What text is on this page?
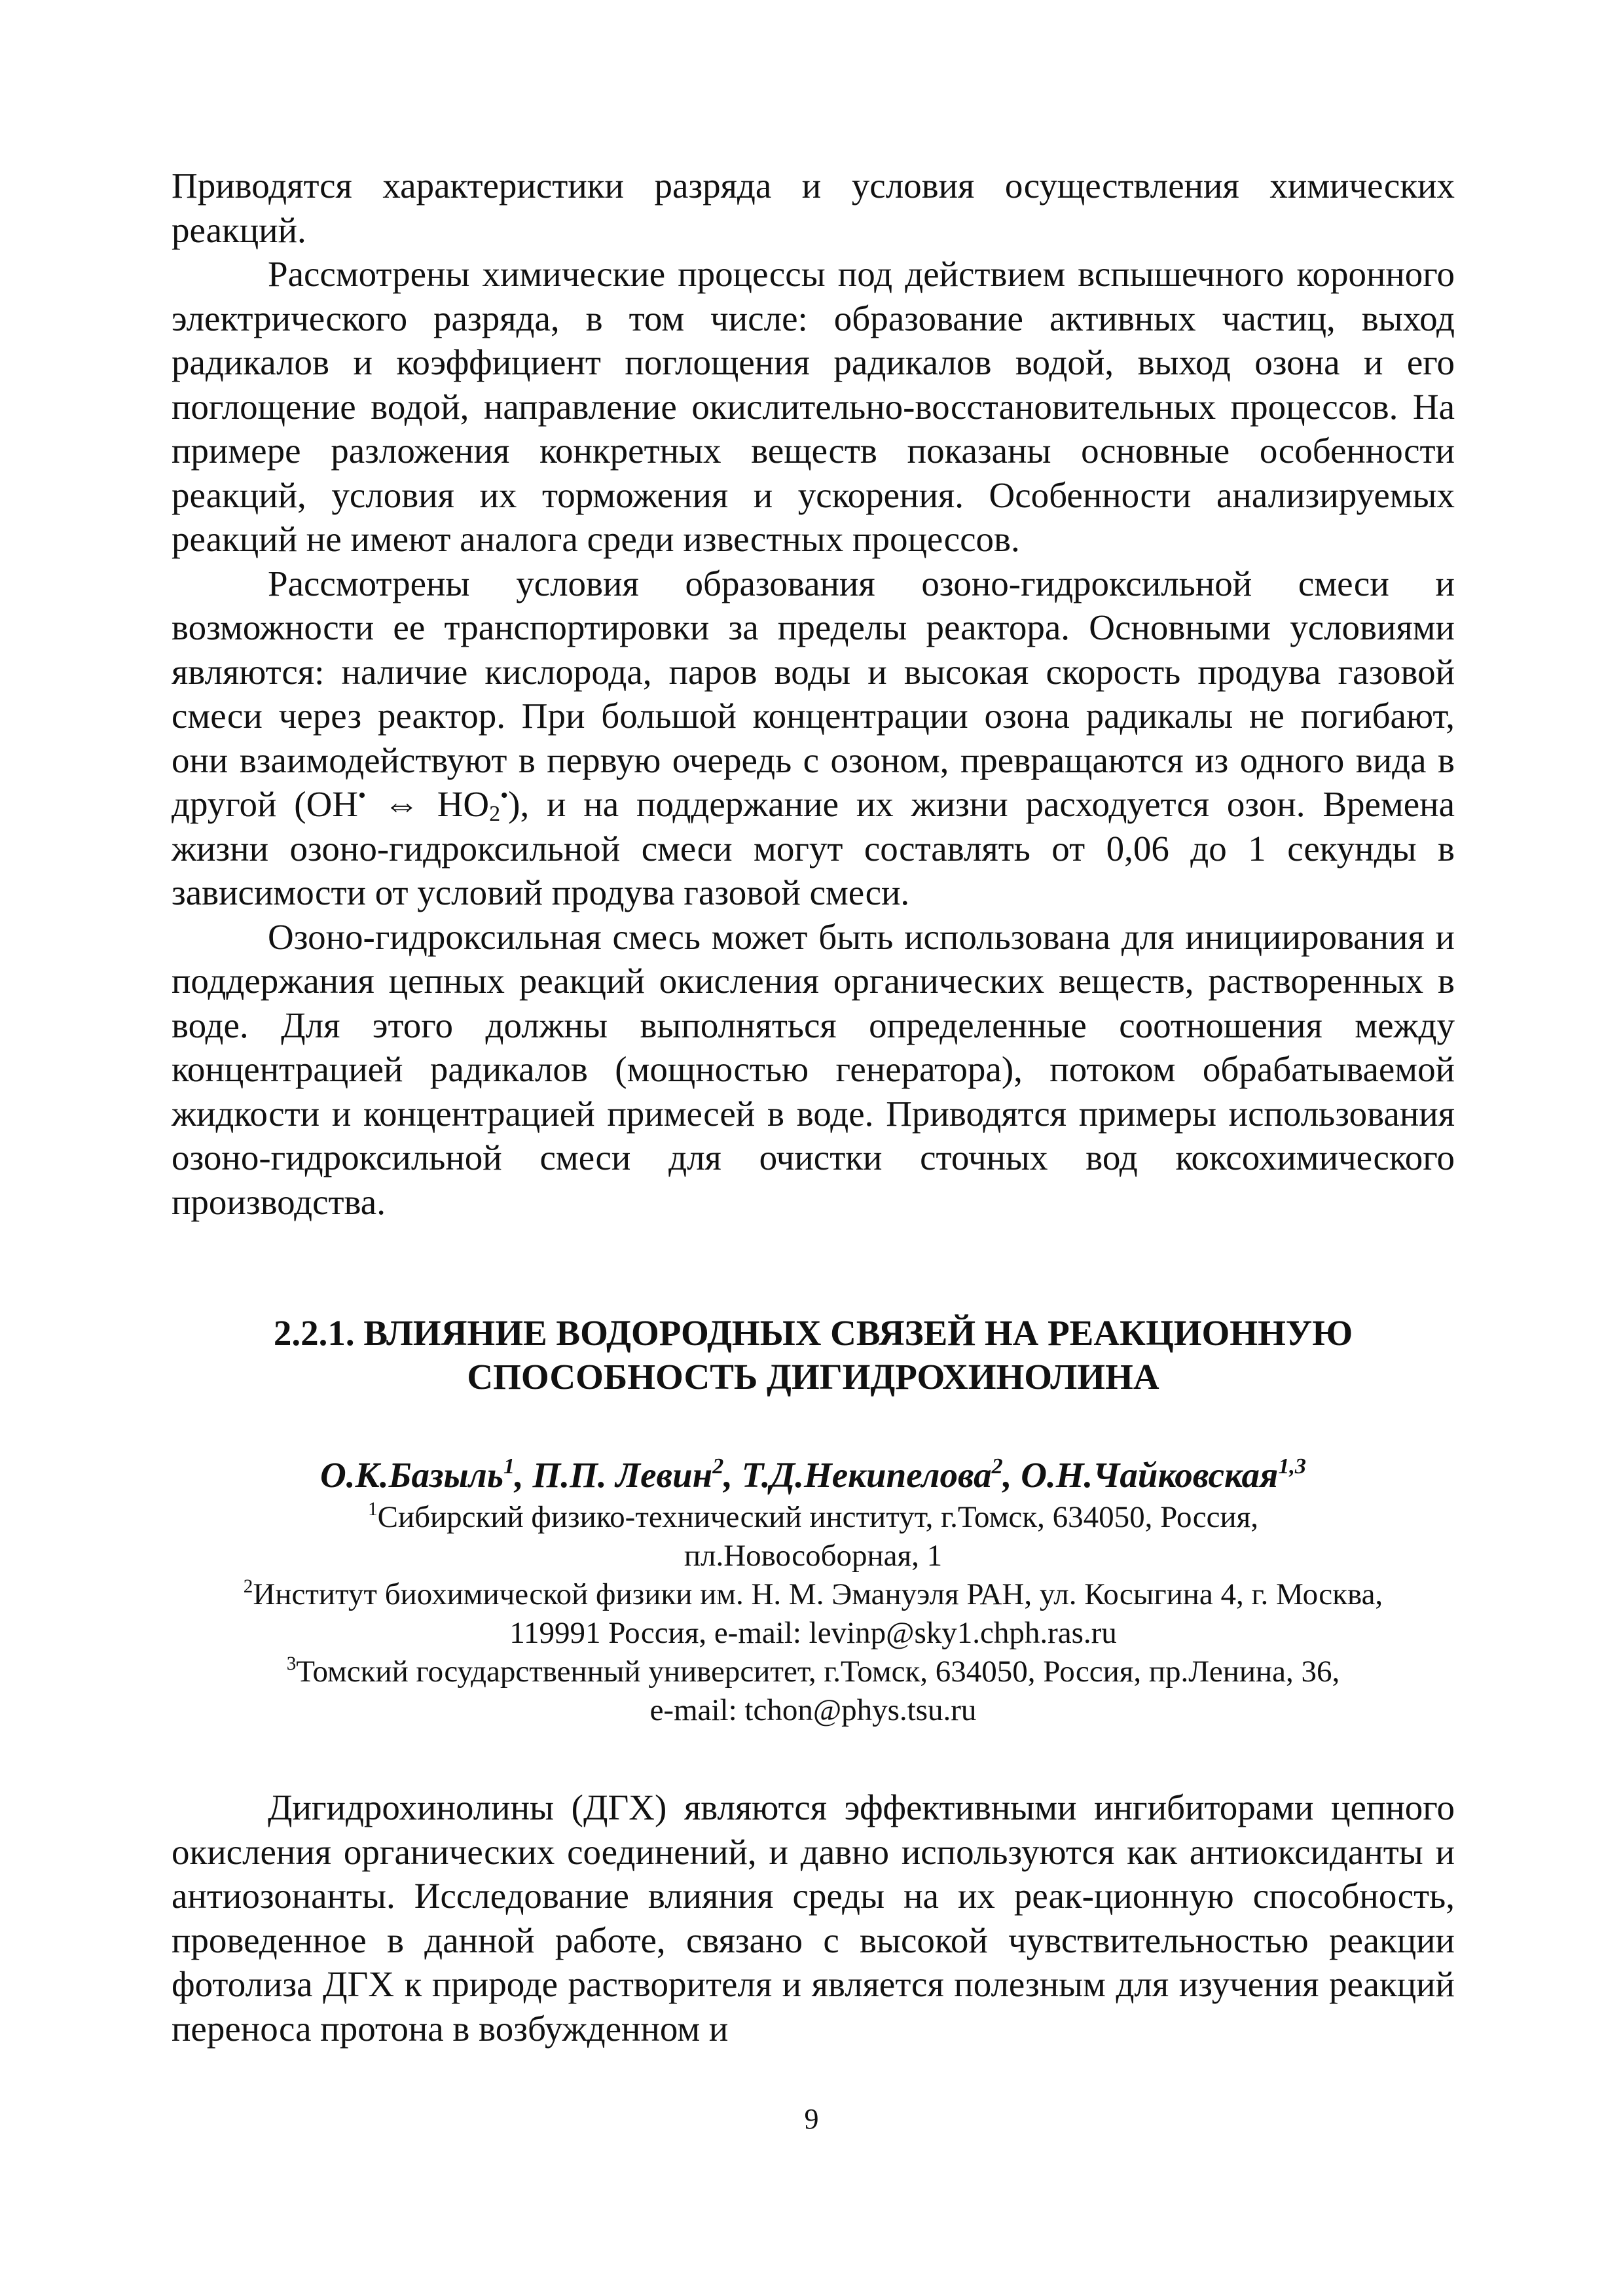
Приводятся характеристики разряда и условия осуществления химических реакций.

Рассмотрены химические процессы под действием вспышечного коронного электрического разряда, в том числе: образование активных частиц, выход радикалов и коэффициент поглощения радикалов водой, выход озона и его поглощение водой, направление окислительно-восстановительных процессов. На примере разложения конкретных веществ показаны основные особенности реакций, условия их торможения и ускорения. Особенности анализируемых реакций не имеют аналога среди известных процессов.

Рассмотрены условия образования озоно-гидроксильной смеси и возможности ее транспортировки за пределы реактора. Основными условиями являются: наличие кислорода, паров воды и высокая скорость продува газовой смеси через реактор. При большой концентрации озона радикалы не погибают, они взаимодействуют в первую очередь с озоном, превращаются из одного вида в другой (OH• ⇔ $HO_2^•$), и на поддержание их жизни расходуется озон. Времена жизни озоно-гидроксильной смеси могут составлять от 0,06 до 1 секунды в зависимости от условий продува газовой смеси.

Озоно-гидроксильная смесь может быть использована для инициирования и поддержания цепных реакций окисления органических веществ, растворенных в воде. Для этого должны выполняться определенные соотношения между концентрацией радикалов (мощностью генератора), потоком обрабатываемой жидкости и концентрацией примесей в воде. Приводятся примеры использования озоно-гидроксильной смеси для очистки сточных вод коксохимического производства.

2.2.1. ВЛИЯНИЕ ВОДОРОДНЫХ СВЯЗЕЙ НА РЕАКЦИОННУЮ
СПОСОБНОСТЬ ДИГИДРОХИНОЛИНА
О.К.Базыль$^1$, П.П. Левин$^2$, Т.Д.Некипелова$^2$, О.Н.Чайковская$^{1,3}$
$^1$Сибирский физико-технический институт, г.Томск, 634050, Россия,
пл.Новособорная, 1
$^2$Институт биохимической физики им. Н. М. Эмануэля РАН, ул. Косыгина 4, г. Москва,
119991 Россия, e-mail: levinp@sky1.chph.ras.ru
$^3$Томский государственный университет, г.Томск, 634050, Россия, пр.Ленина, 36,
e-mail: tchon@phys.tsu.ru

Дигидрохинолины (ДГХ) являются эффективными ингибиторами цепного окисления органических соединений, и давно используются как антиоксиданты и антиозонанты. Исследование влияния среды на их реак-ционную способность, проведенное в данной работе, связано с высокой чувствительностью реакции фотолиза ДГХ к природе растворителя и является полезным для изучения реакций переноса протона в возбужденном и

9
